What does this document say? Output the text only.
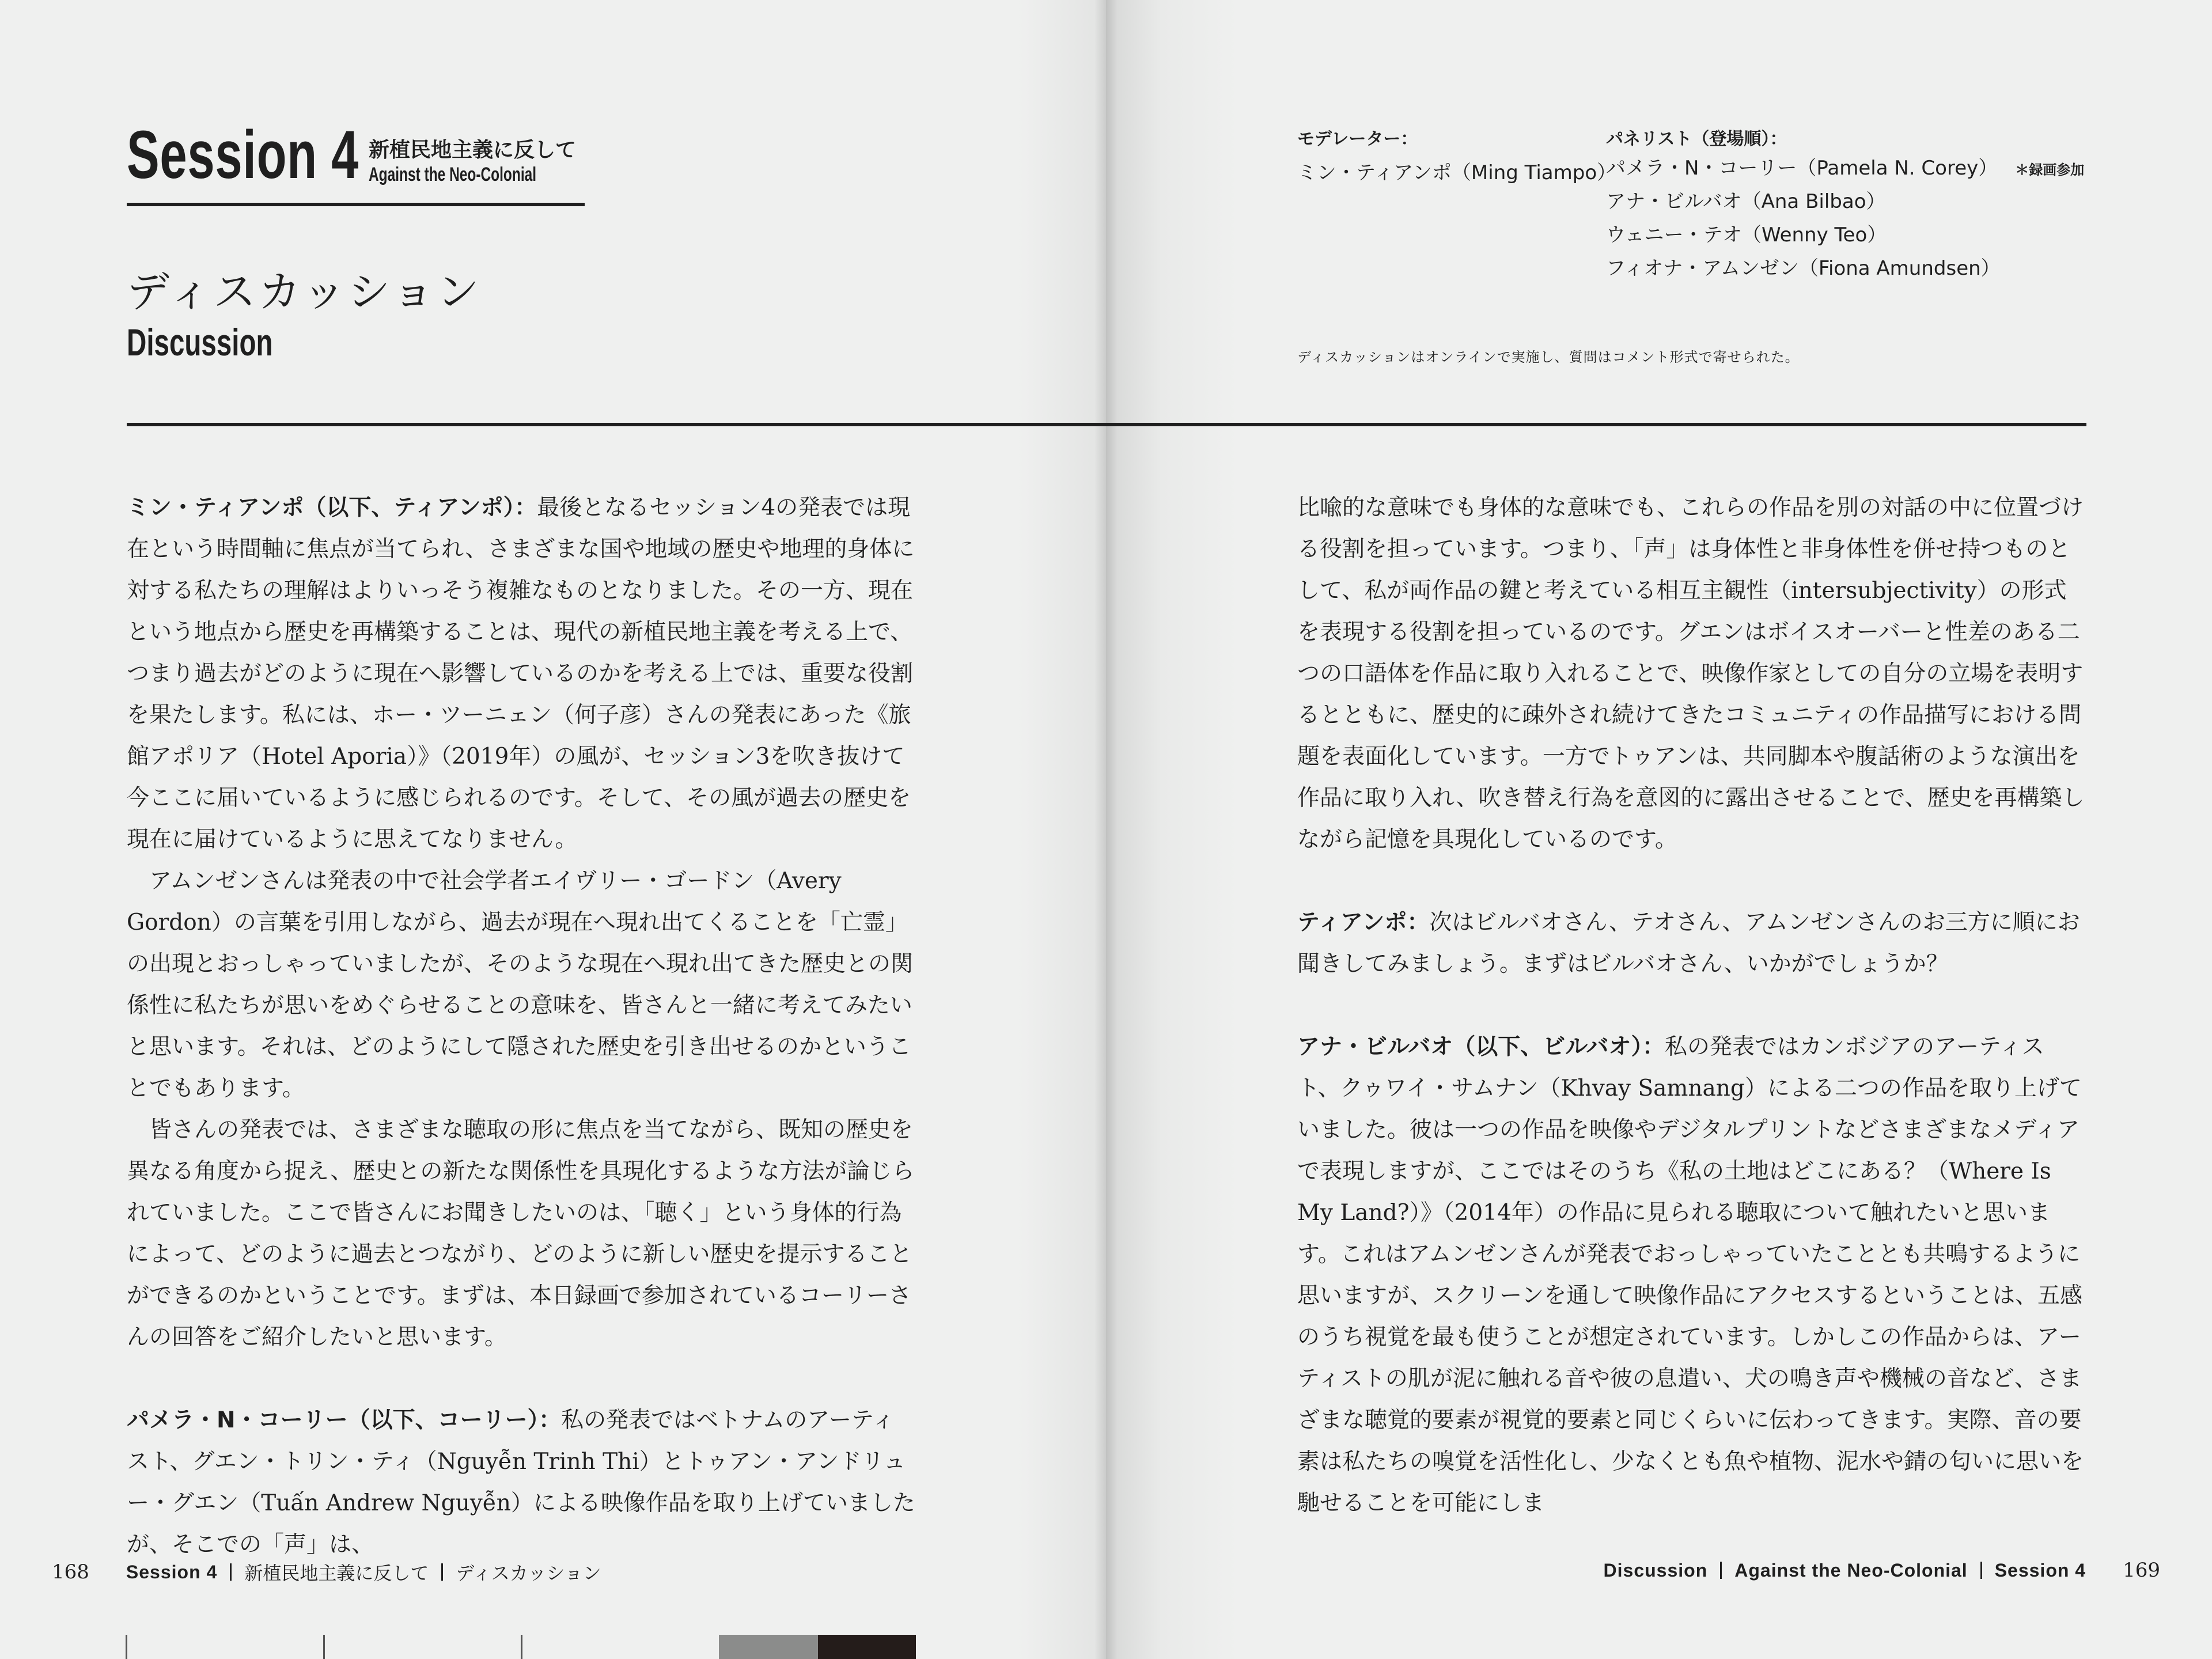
Session 4 新植民地主義に反して
Against the Neo-Colonial
ディスカッション
Discussion
モデレーター：
ミン・ティアンポ（Ming Tiampo）
パネリスト（登場順）：
パメラ・N・コーリー（Pamela N. Corey） ＊録画参加
アナ・ビルバオ（Ana Bilbao）
ウェニー・テオ（Wenny Teo）
フィオナ・アムンゼン（Fiona Amundsen）
ディスカッションはオンラインで実施し、質問はコメント形式で寄せられた。

ミン・ティアンポ（以下、ティアンポ）：最後となるセッション4の発表では現在という時間軸に焦点が当てられ、さまざまな国や地域の歴史や地理的身体に対する私たちの理解はよりいっそう複雑なものとなりました。その一方、現在という地点から歴史を再構築することは、現代の新植民地主義を考える上で、つまり過去がどのように現在へ影響しているのかを考える上では、重要な役割を果たします。私には、ホー・ツーニェン（何子彦）さんの発表にあった《旅館アポリア（Hotel Aporia）》（2019年）の風が、セッション3を吹き抜けて今ここに届いているように感じられるのです。そして、その風が過去の歴史を現在に届けているように思えてなりません。

アムンゼンさんは発表の中で社会学者エイヴリー・ゴードン（Avery Gordon）の言葉を引用しながら、過去が現在へ現れ出てくることを「亡霊」の出現とおっしゃっていましたが、そのような現在へ現れ出てきた歴史との関係性に私たちが思いをめぐらせることの意味を、皆さんと一緒に考えてみたいと思います。それは、どのようにして隠された歴史を引き出せるのかということでもあります。

皆さんの発表では、さまざまな聴取の形に焦点を当てながら、既知の歴史を異なる角度から捉え、歴史との新たな関係性を具現化するような方法が論じられていました。ここで皆さんにお聞きしたいのは、「聴く」という身体的行為によって、どのように過去とつながり、どのように新しい歴史を提示することができるのかということです。まずは、本日録画で参加されているコーリーさんの回答をご紹介したいと思います。

パメラ・N・コーリー（以下、コーリー）：私の発表ではベトナムのアーティスト、グエン・トリン・ティ（Nguyễn Trinh Thi）とトゥアン・アンドリュー・グエン（Tuấn Andrew Nguyễn）による映像作品を取り上げていましたが、そこでの「声」は、

比喩的な意味でも身体的な意味でも、これらの作品を別の対話の中に位置づける役割を担っています。つまり、「声」は身体性と非身体性を併せ持つものとして、私が両作品の鍵と考えている相互主観性（intersubjectivity）の形式を表現する役割を担っているのです。グエンはボイスオーバーと性差のある二つの口語体を作品に取り入れることで、映像作家としての自分の立場を表明するとともに、歴史的に疎外され続けてきたコミュニティの作品描写における問題を表面化しています。一方でトゥアンは、共同脚本や腹話術のような演出を作品に取り入れ、吹き替え行為を意図的に露出させることで、歴史を再構築しながら記憶を具現化しているのです。

ティアンポ：次はビルバオさん、テオさん、アムンゼンさんのお三方に順にお聞きしてみましょう。まずはビルバオさん、いかがでしょうか？

アナ・ビルバオ（以下、ビルバオ）：私の発表ではカンボジアのアーティスト、クゥワイ・サムナン（Khvay Samnang）による二つの作品を取り上げていました。彼は一つの作品を映像やデジタルプリントなどさまざまなメディアで表現しますが、ここではそのうち《私の土地はどこにある？（Where Is My Land?）》（2014年）の作品に見られる聴取について触れたいと思います。これはアムンゼンさんが発表でおっしゃっていたこととも共鳴するように思いますが、スクリーンを通して映像作品にアクセスするということは、五感のうち視覚を最も使うことが想定されています。しかしこの作品からは、アーティストの肌が泥に触れる音や彼の息遣い、犬の鳴き声や機械の音など、さまざまな聴覚的要素が視覚的要素と同じくらいに伝わってきます。実際、音の要素は私たちの嗅覚を活性化し、少なくとも魚や植物、泥水や錆の匂いに思いを馳せることを可能にしま

168 Session 4 新植民地主義に反して ディスカッション	Discussion Against the Neo-Colonial Session 4 169
